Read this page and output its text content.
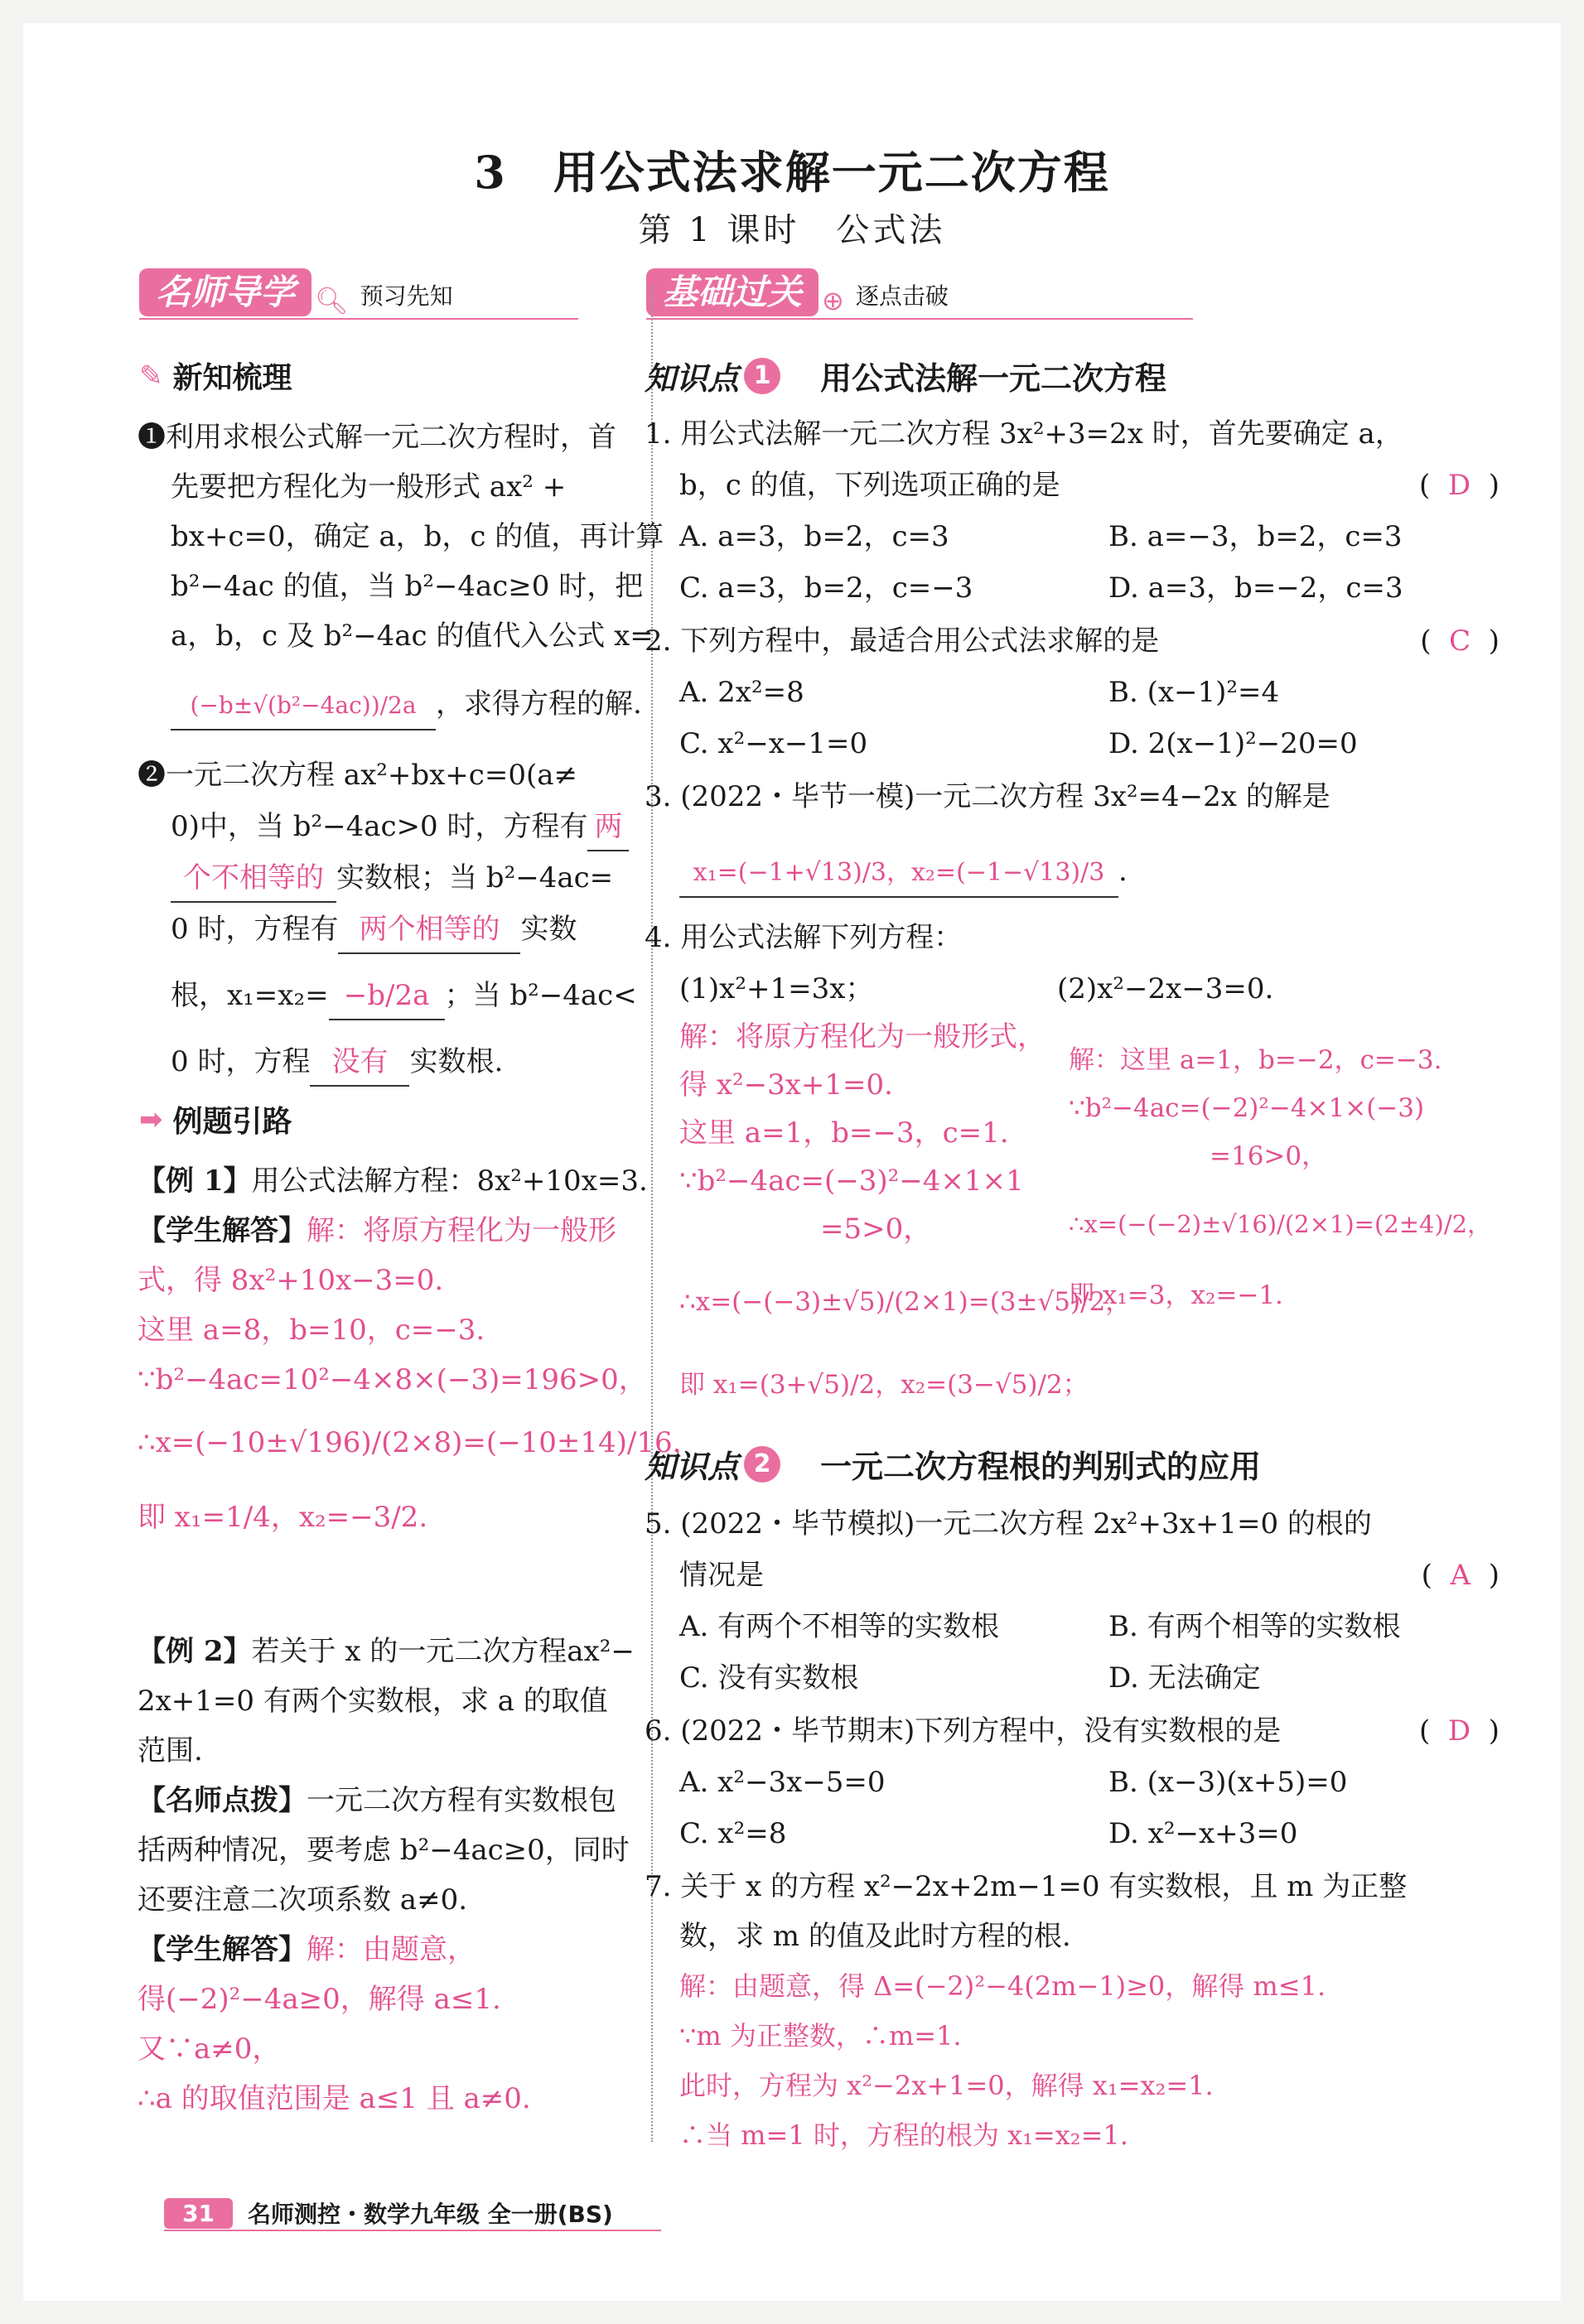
3　用公式法求解一元二次方程
第 1 课时　公式法
名师导学 🔍︎ 预习先知	基础过关 ⊕ 逐点击破
✎ 新知梳理
❶利用求根公式解一元二次方程时，首
先要把方程化为一般形式 ax² +
bx+c=0，确定 a，b，c 的值，再计算
b²−4ac 的值，当 b²−4ac≥0 时，把
a，b，c 及 b²−4ac 的值代入公式 x=
(−b±√(b²−4ac))/2a ，求得方程的解.
❷一元二次方程 ax²+bx+c=0(a≠
0)中，当 b²−4ac>0 时，方程有 两
个不相等的 实数根；当 b²−4ac=
0 时，方程有 两个相等的 实数
根，x₁=x₂= −b/2a ；当 b²−4ac<
0 时，方程 没有 实数根.
➡ 例题引路
【例 1】用公式法解方程：8x²+10x=3.
【学生解答】解：将原方程化为一般形
式，得 8x²+10x−3=0.
这里 a=8，b=10，c=−3.
∵b²−4ac=10²−4×8×(−3)=196>0，
∴x=(−10±√196)/(2×8)=(−10±14)/16，
即 x₁=1/4，x₂=−3/2.
【例 2】若关于 x 的一元二次方程ax²−
2x+1=0 有两个实数根，求 a 的取值
范围.
【名师点拨】一元二次方程有实数根包
括两种情况，要考虑 b²−4ac≥0，同时
还要注意二次项系数 a≠0.
【学生解答】解：由题意，
得(−2)²−4a≥0，解得 a≤1.
又∵a≠0，
∴a 的取值范围是 a≤1 且 a≠0.
知识点 1	用公式法解一元二次方程
1. 用公式法解一元二次方程 3x²+3=2x 时，首先要确定 a，
b，c 的值，下列选项正确的是	(  D  )
A. a=3，b=2，c=3	B. a=−3，b=2，c=3
C. a=3，b=2，c=−3	D. a=3，b=−2，c=3
2. 下列方程中，最适合用公式法求解的是	(  C  )
A. 2x²=8	B. (x−1)²=4
C. x²−x−1=0	D. 2(x−1)²−20=0
3. (2022・毕节一模)一元二次方程 3x²=4−2x 的解是
x₁=(−1+√13)/3，x₂=(−1−√13)/3 .
4. 用公式法解下列方程：
(1)x²+1=3x；	(2)x²−2x−3=0.
解：将原方程化为一般形式，
得 x²−3x+1=0.
这里 a=1，b=−3，c=1.
∵b²−4ac=(−3)²−4×1×1
=5>0，
∴x=(−(−3)±√5)/(2×1)=(3±√5)/2，
即 x₁=(3+√5)/2，x₂=(3−√5)/2；
解：这里 a=1，b=−2，c=−3.
∵b²−4ac=(−2)²−4×1×(−3)
=16>0，
∴x=(−(−2)±√16)/(2×1)=(2±4)/2，
即 x₁=3，x₂=−1.
知识点 2	一元二次方程根的判别式的应用
5. (2022・毕节模拟)一元二次方程 2x²+3x+1=0 的根的
情况是	(  A  )
A. 有两个不相等的实数根	B. 有两个相等的实数根
C. 没有实数根	D. 无法确定
6. (2022・毕节期末)下列方程中，没有实数根的是	(  D  )
A. x²−3x−5=0	B. (x−3)(x+5)=0
C. x²=8	D. x²−x+3=0
7. 关于 x 的方程 x²−2x+2m−1=0 有实数根，且 m 为正整
数，求 m 的值及此时方程的根.
解：由题意，得 Δ=(−2)²−4(2m−1)≥0，解得 m≤1.
∵m 为正整数，∴m=1.
此时，方程为 x²−2x+1=0，解得 x₁=x₂=1.
∴当 m=1 时，方程的根为 x₁=x₂=1.
31	名师测控・数学九年级 全一册(BS)
